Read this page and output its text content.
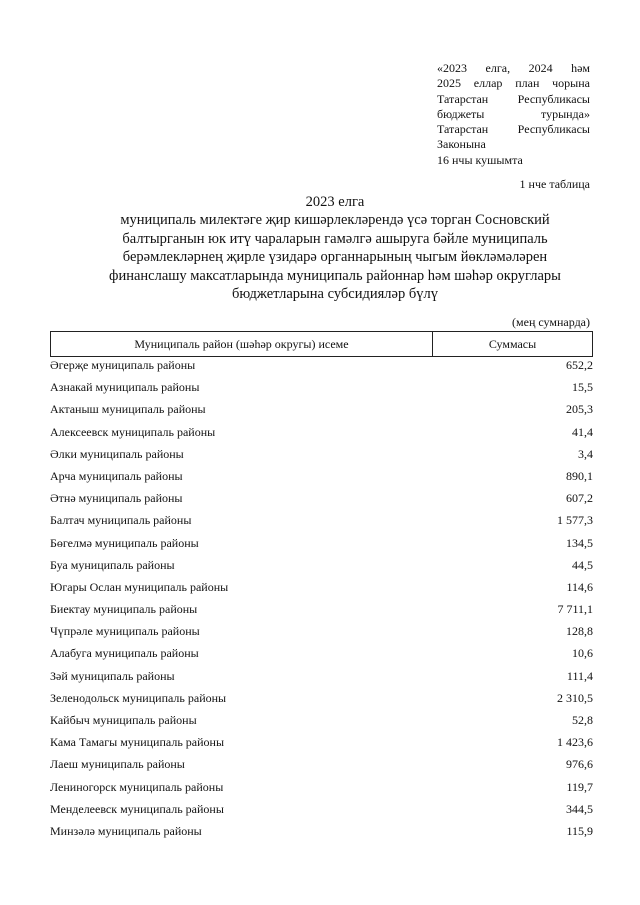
«2023 елга, 2024 һәм
2025 еллар план чорына
Татарстан Республикасы
бюджеты турында»
Татарстан Республикасы
Законына
16 нчы кушымта
1 нче таблица
2023 елга
муниципаль милектәге җир кишәрлекләрендә үсә торган Сосновский
балтырганын юк итү чараларын гамәлгә ашыруга бәйле муниципаль
берәмлекләрнең җирле үзидарә органнарының чыгым йөкләмәләрен
финанслашу максатларында муниципаль районнар һәм шәһәр округлары
бюджетларына субсидияләр бүлү
(мең сумнарда)
Муниципаль район (шәһәр округы) исеме	Суммасы
Әгерҗе муниципаль районы	652,2
Азнакай муниципаль районы	15,5
Актаныш муниципаль районы	205,3
Алексеевск муниципаль районы	41,4
Әлки муниципаль районы	3,4
Арча муниципаль районы	890,1
Әтнә муниципаль районы	607,2
Балтач муниципаль районы	1 577,3
Бөгелмә муниципаль районы	134,5
Буа муниципаль районы	44,5
Югары Ослан муниципаль районы	114,6
Биектау муниципаль районы	7 711,1
Чүпрәле муниципаль районы	128,8
Алабуга муниципаль районы	10,6
Зәй муниципаль районы	111,4
Зеленодольск муниципаль районы	2 310,5
Кайбыч муниципаль районы	52,8
Кама Тамагы муниципаль районы	1 423,6
Лаеш муниципаль районы	976,6
Лениногорск муниципаль районы	119,7
Менделеевск муниципаль районы	344,5
Минзәлә муниципаль районы	115,9
